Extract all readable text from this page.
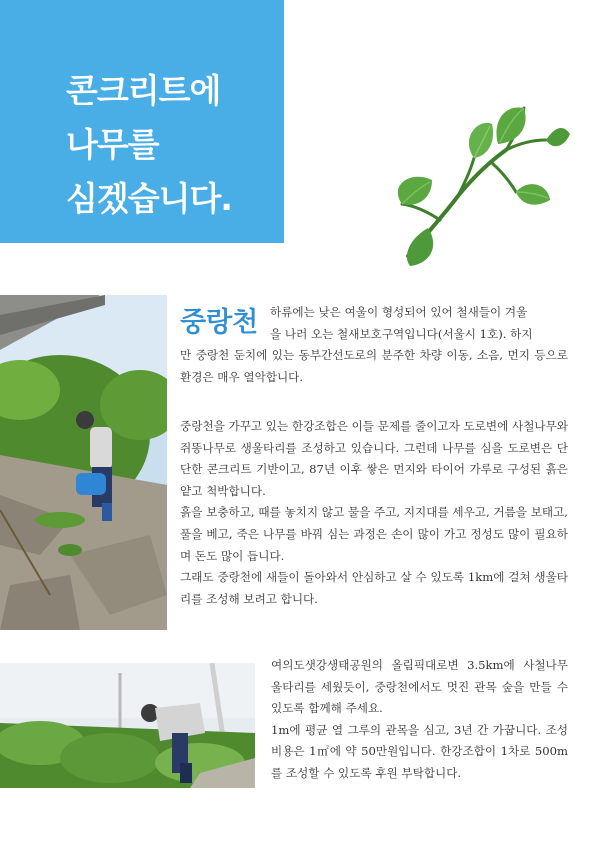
콘크리트에
나무를
심겠습니다.
중랑천 하류에는 낮은 여울이 형성되어 있어 철새들이 겨울
을 나러 오는 철새보호구역입니다(서울시 1호). 하지

만 중랑천 둔치에 있는 동부간선도로의 분주한 차량 이동, 소음, 먼지 등으로 환경은 매우 열악합니다.

중랑천을 가꾸고 있는 한강조합은 이들 문제를 줄이고자 도로변에 사철나무와 쥐똥나무로 생울타리를 조성하고 있습니다. 그런데 나무를 심을 도로변은 단단한 콘크리트 기반이고, 87년 이후 쌓은 먼지와 타이어 가루로 구성된 흙은 얕고 척박합니다.
흙을 보충하고, 때를 놓치지 않고 물을 주고, 지지대를 세우고, 거름을 보태고, 풀을 베고, 죽은 나무를 바꿔 심는 과정은 손이 많이 가고 정성도 많이 필요하며 돈도 많이 듭니다.
그래도 중랑천에 새들이 돌아와서 안심하고 살 수 있도록 1km에 걸쳐 생울타리를 조성해 보려고 합니다.
여의도샛강생태공원의 올림픽대로변 3.5km에 사철나무 울타리를 세웠듯이, 중랑천에서도 멋진 관목 숲을 만들 수 있도록 함께해 주세요.
1m에 평균 열 그루의 관목을 심고, 3년 간 가꿉니다. 조성 비용은 1㎡에 약 50만원입니다. 한강조합이 1차로 500m를 조성할 수 있도록 후원 부탁합니다.
